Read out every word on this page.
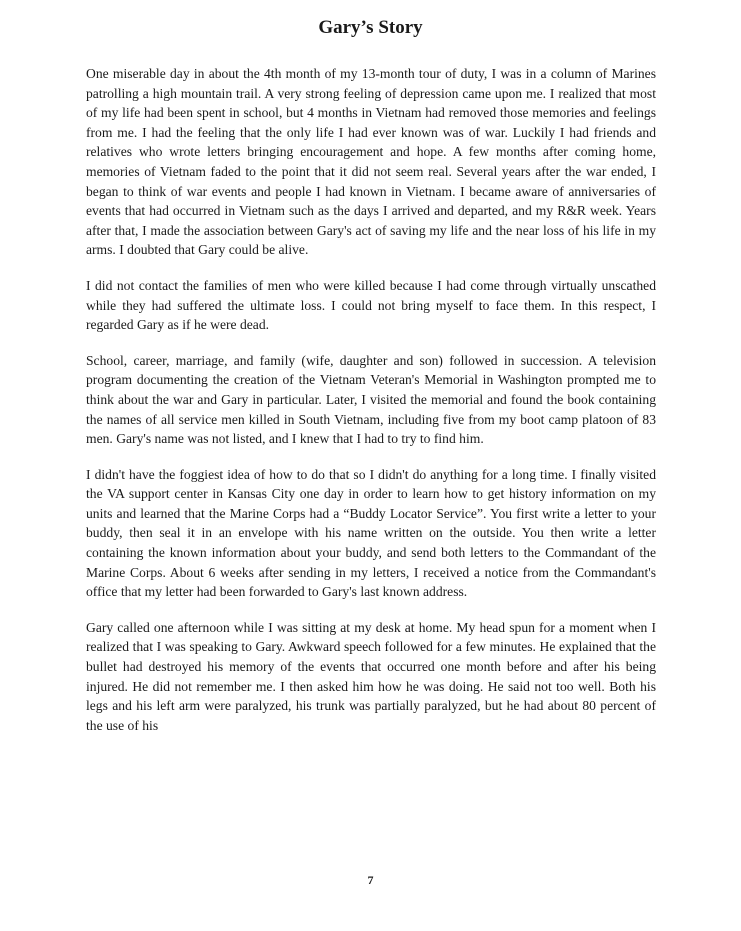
Gary’s Story

One miserable day in about the 4th month of my 13-month tour of duty, I was in a column of Marines patrolling a high mountain trail. A very strong feeling of depression came upon me. I realized that most of my life had been spent in school, but 4 months in Vietnam had removed those memories and feelings from me. I had the feeling that the only life I had ever known was of war. Luckily I had friends and relatives who wrote letters bringing encouragement and hope. A few months after coming home, memories of Vietnam faded to the point that it did not seem real. Several years after the war ended, I began to think of war events and people I had known in Vietnam. I became aware of anniversaries of events that had occurred in Vietnam such as the days I arrived and departed, and my R&R week. Years after that, I made the association between Gary's act of saving my life and the near loss of his life in my arms. I doubted that Gary could be alive.

I did not contact the families of men who were killed because I had come through virtually unscathed while they had suffered the ultimate loss. I could not bring myself to face them. In this respect, I regarded Gary as if he were dead.

School, career, marriage, and family (wife, daughter and son) followed in succession. A television program documenting the creation of the Vietnam Veteran's Memorial in Washington prompted me to think about the war and Gary in particular. Later, I visited the memorial and found the book containing the names of all service men killed in South Vietnam, including five from my boot camp platoon of 83 men. Gary's name was not listed, and I knew that I had to try to find him.

I didn't have the foggiest idea of how to do that so I didn't do anything for a long time. I finally visited the VA support center in Kansas City one day in order to learn how to get history information on my units and learned that the Marine Corps had a “Buddy Locator Service”. You first write a letter to your buddy, then seal it in an envelope with his name written on the outside. You then write a letter containing the known information about your buddy, and send both letters to the Commandant of the Marine Corps. About 6 weeks after sending in my letters, I received a notice from the Commandant's office that my letter had been forwarded to Gary's last known address.

Gary called one afternoon while I was sitting at my desk at home. My head spun for a moment when I realized that I was speaking to Gary. Awkward speech followed for a few minutes. He explained that the bullet had destroyed his memory of the events that occurred one month before and after his being injured. He did not remember me. I then asked him how he was doing. He said not too well. Both his legs and his left arm were paralyzed, his trunk was partially paralyzed, but he had about 80 percent of the use of his

7
